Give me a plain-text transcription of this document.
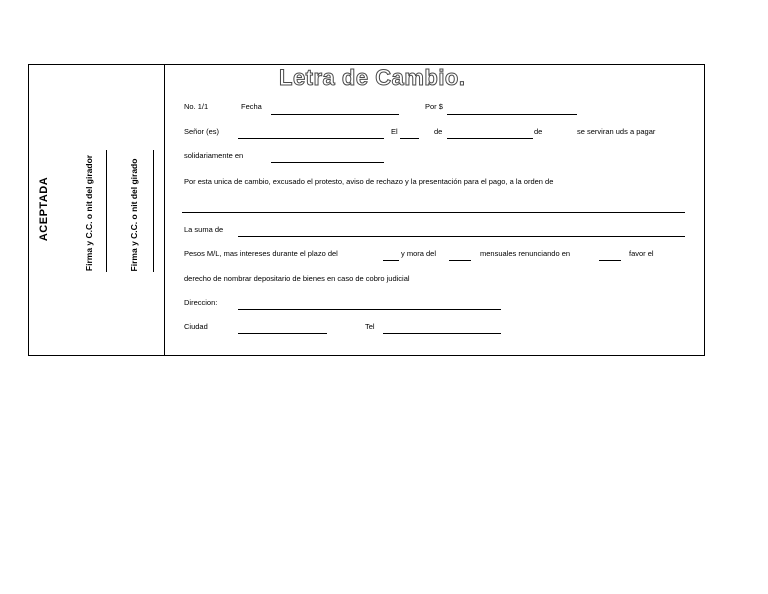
ACEPTADA	Firma y C.C. o nit del girador	Firma y C.C. o nit del girado
Letra de Cambio.
No. 1/1	Fecha	Por $
Señor (es)	El	de	de	se serviran uds a pagar
solidariamente en
Por esta unica de cambio, excusado el protesto, aviso de rechazo y la presentación para el pago, a la orden de
La suma de
Pesos M/L, mas intereses durante el plazo del	y mora del	mensuales renunciando en	favor el
derecho de nombrar depositario de bienes en caso de cobro judicial
Direccion:
Ciudad	Tel
